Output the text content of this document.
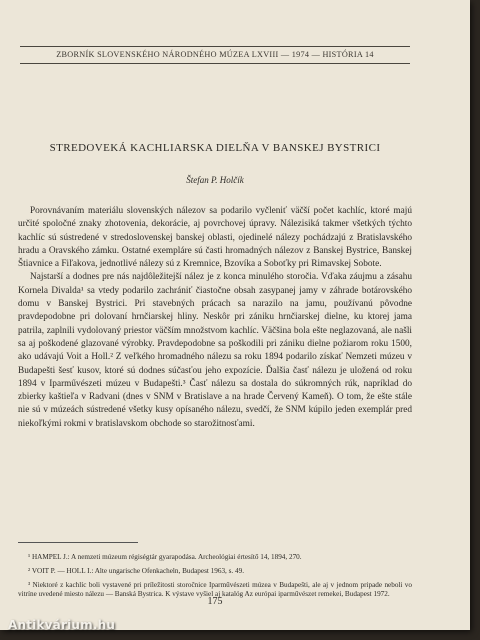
ZBORNÍK SLOVENSKÉHO NÁRODNÉHO MÚZEA LXVIII — 1974 — HISTÓRIA 14
STREDOVEKÁ KACHLIARSKA DIELŇA V BANSKEJ BYSTRICI
Štefan P. Holčík

Porovnávaním materiálu slovenských nálezov sa podarilo vyčleniť väčší počet kachlíc, ktoré majú určité spoločné znaky zhotovenia, dekorácie, aj povrchovej úpravy. Nálezisiká takmer všetkých týchto kachlíc sú sústredené v stredoslovenskej banskej oblasti, ojedinelé nálezy pochádzajú z Bratislavského hradu a Oravského zámku. Ostatné exempláre sú časti hromadných nálezov z Banskej Bystrice, Banskej Štiavnice a Fiľakova, jednotlivé nálezy sú z Kremnice, Bzovíka a Soboťky pri Rimavskej Sobote.

Najstarší a dodnes pre nás najdôležitejší nález je z konca minulého storočia. Vďaka záujmu a zásahu Kornela Divalda¹ sa vtedy podarilo zachrániť čiastočne obsah zasypanej jamy v záhrade botárovského domu v Banskej Bystrici. Pri stavebných prácach sa narazilo na jamu, používanú pôvodne pravdepodobne pri dolovaní hrnčiarskej hliny. Neskôr pri zániku hrnčiarskej dielne, ku ktorej jama patrila, zaplnili vydolovaný priestor väčším množstvom kachlíc. Väčšina bola ešte neglazovaná, ale našli sa aj poškodené glazované výrobky. Pravdepodobne sa poškodili pri zániku dielne požiarom roku 1500, ako udávajú Voit a Holl.² Z veľkého hromadného nálezu sa roku 1894 podarilo získať Nemzeti múzeu v Budapešti šesť kusov, ktoré sú dodnes súčasťou jeho expozície. Ďalšia časť nálezu je uložená od roku 1894 v Iparművészeti múzeu v Budapešti.³ Časť nálezu sa dostala do súkromných rúk, napríklad do zbierky kaštieľa v Radvani (dnes v SNM v Bratislave a na hrade Červený Kameň). O tom, že ešte stále nie sú v múzeách sústredené všetky kusy opísaného nálezu, svedčí, že SNM kúpilo jeden exemplár pred niekoľkými rokmi v bratislavskom obchode so starožitnosťami.

¹ HAMPEL J.: A nemzeti múzeum régiségtár gyarapodása. Archeológiai értesítő 14, 1894, 270.

² VOIT P. — HOLL I.: Alte ungarische Ofenkacheln, Budapest 1963, s. 49.

³ Niektoré z kachlíc boli vystavené pri príležitosti storočnice Iparművészeti múzea v Budapešti, ale aj v jednom pripade neboli vo vitríne uvedené miesto nálezu — Banská Bystrica. K výstave vyšiel aj katalóg Az európai iparművészet remekei, Budapest 1972.

175
Antikvárium.hu
